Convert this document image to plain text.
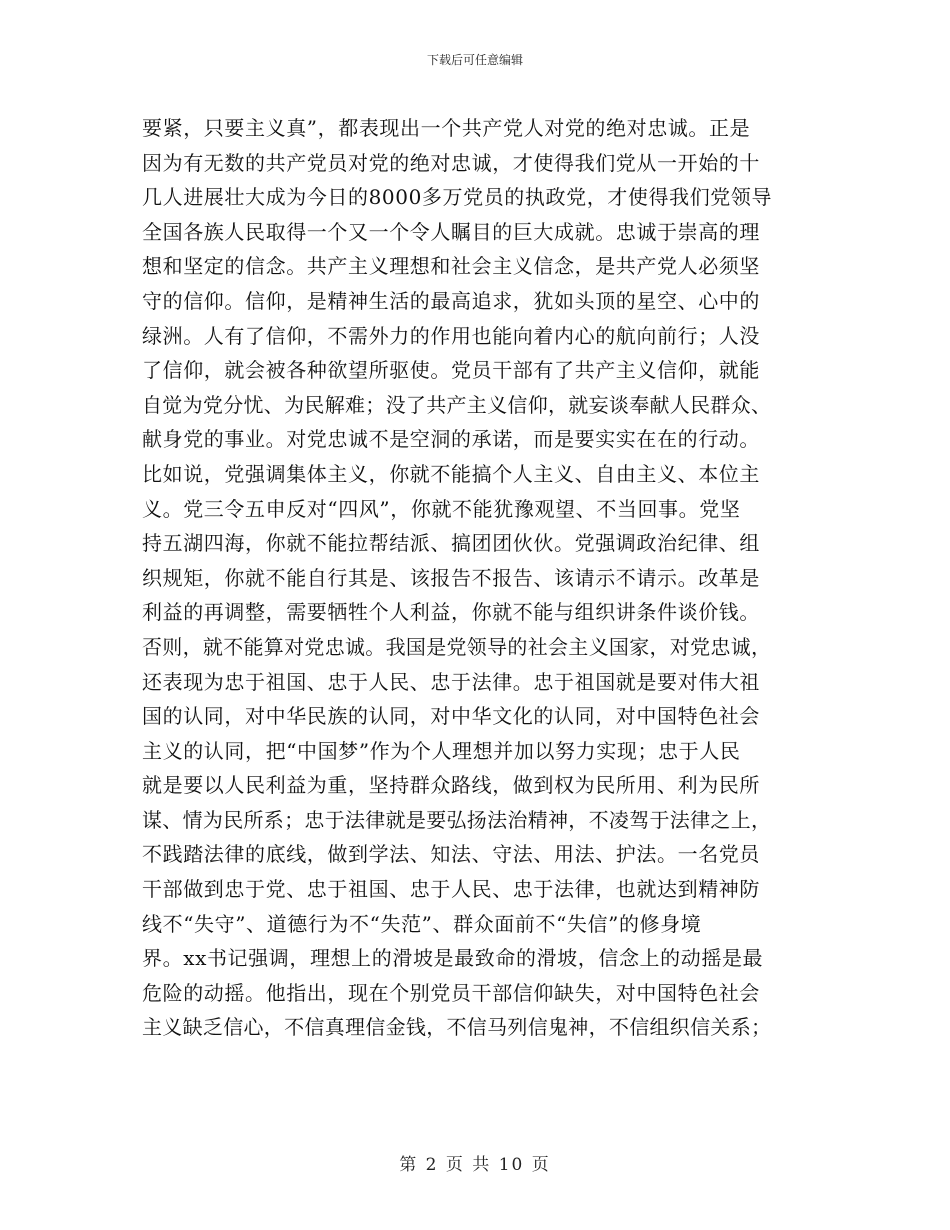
下载后可任意编辑
要紧，只要主义真”，都表现出一个共产党人对党的绝对忠诚。正是
因为有无数的共产党员对党的绝对忠诚，才使得我们党从一开始的十
几人进展壮大成为今日的8000多万党员的执政党，才使得我们党领导
全国各族人民取得一个又一个令人瞩目的巨大成就。忠诚于崇高的理
想和坚定的信念。共产主义理想和社会主义信念，是共产党人必须坚
守的信仰。信仰，是精神生活的最高追求，犹如头顶的星空、心中的
绿洲。人有了信仰，不需外力的作用也能向着内心的航向前行；人没
了信仰，就会被各种欲望所驱使。党员干部有了共产主义信仰，就能
自觉为党分忧、为民解难；没了共产主义信仰，就妄谈奉献人民群众、
献身党的事业。对党忠诚不是空洞的承诺，而是要实实在在的行动。
比如说，党强调集体主义，你就不能搞个人主义、自由主义、本位主
义。党三令五申反对“四风”，你就不能犹豫观望、不当回事。党坚
持五湖四海，你就不能拉帮结派、搞团团伙伙。党强调政治纪律、组
织规矩，你就不能自行其是、该报告不报告、该请示不请示。改革是
利益的再调整，需要牺牲个人利益，你就不能与组织讲条件谈价钱。
否则，就不能算对党忠诚。我国是党领导的社会主义国家，对党忠诚，
还表现为忠于祖国、忠于人民、忠于法律。忠于祖国就是要对伟大祖
国的认同，对中华民族的认同，对中华文化的认同，对中国特色社会
主义的认同，把“中国梦”作为个人理想并加以努力实现；忠于人民
就是要以人民利益为重，坚持群众路线，做到权为民所用、利为民所
谋、情为民所系；忠于法律就是要弘扬法治精神，不凌驾于法律之上，
不践踏法律的底线，做到学法、知法、守法、用法、护法。一名党员
干部做到忠于党、忠于祖国、忠于人民、忠于法律，也就达到精神防
线不“失守”、道德行为不“失范”、群众面前不“失信”的修身境
界。xx书记强调，理想上的滑坡是最致命的滑坡，信念上的动摇是最
危险的动摇。他指出，现在个别党员干部信仰缺失，对中国特色社会
主义缺乏信心，不信真理信金钱，不信马列信鬼神，不信组织信关系；
第 2 页 共 10 页
